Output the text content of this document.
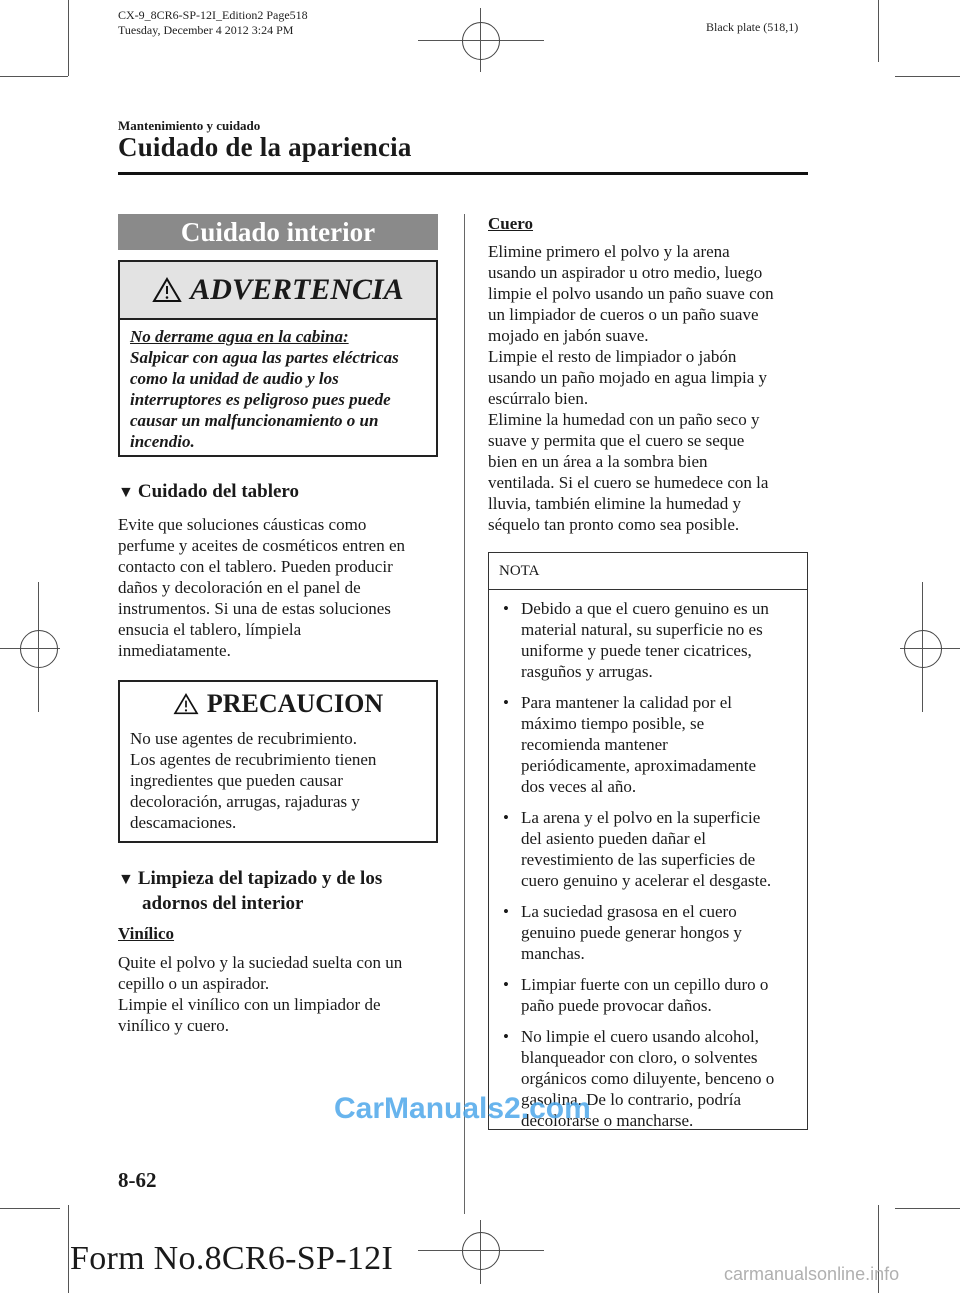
CX-9_8CR6-SP-12I_Edition2 Page518
Tuesday, December 4 2012 3:24 PM	Black plate (518,1)
Mantenimiento y cuidado
Cuidado de la apariencia
Cuidado interior
ADVERTENCIA
No derrame agua en la cabina:
Salpicar con agua las partes eléctricas
como la unidad de audio y los
interruptores es peligroso pues puede
causar un malfuncionamiento o un
incendio.
▼ Cuidado del tablero

Evite que soluciones cáusticas como

perfume y aceites de cosméticos entren en

contacto con el tablero. Pueden producir

daños y decoloración en el panel de

instrumentos. Si una de estas soluciones

ensucia el tablero, límpiela

inmediatamente.

PRECAUCION
No use agentes de recubrimiento.
Los agentes de recubrimiento tienen
ingredientes que pueden causar
decoloración, arrugas, rajaduras y
descamaciones.
▼ Limpieza del tapizado y de los
adornos del interior
Vinílico

Quite el polvo y la suciedad suelta con un

cepillo o un aspirador.

Limpie el vinílico con un limpiador de

vinílico y cuero.

Cuero

Elimine primero el polvo y la arena

usando un aspirador u otro medio, luego

limpie el polvo usando un paño suave con

un limpiador de cueros o un paño suave

mojado en jabón suave.

Limpie el resto de limpiador o jabón

usando un paño mojado en agua limpia y

escúrralo bien.

Elimine la humedad con un paño seco y

suave y permita que el cuero se seque

bien en un área a la sombra bien

ventilada. Si el cuero se humedece con la

lluvia, también elimine la humedad y

séquelo tan pronto como sea posible.

NOTA
• Debido a que el cuero genuino es un
material natural, su superficie no es
uniforme y puede tener cicatrices,
rasguños y arrugas.
• Para mantener la calidad por el
máximo tiempo posible, se
recomienda mantener
periódicamente, aproximadamente
dos veces al año.
• La arena y el polvo en la superficie
del asiento pueden dañar el
revestimiento de las superficies de
cuero genuino y acelerar el desgaste.
• La suciedad grasosa en el cuero
genuino puede generar hongos y
manchas.
• Limpiar fuerte con un cepillo duro o
paño puede provocar daños.
• No limpie el cuero usando alcohol,
blanqueador con cloro, o solventes
orgánicos como diluyente, benceno o
gasolina. De lo contrario, podría
decolorarse o mancharse.
CarManuals2.com
8-62
Form No.8CR6-SP-12I	carmanualsonline.info
